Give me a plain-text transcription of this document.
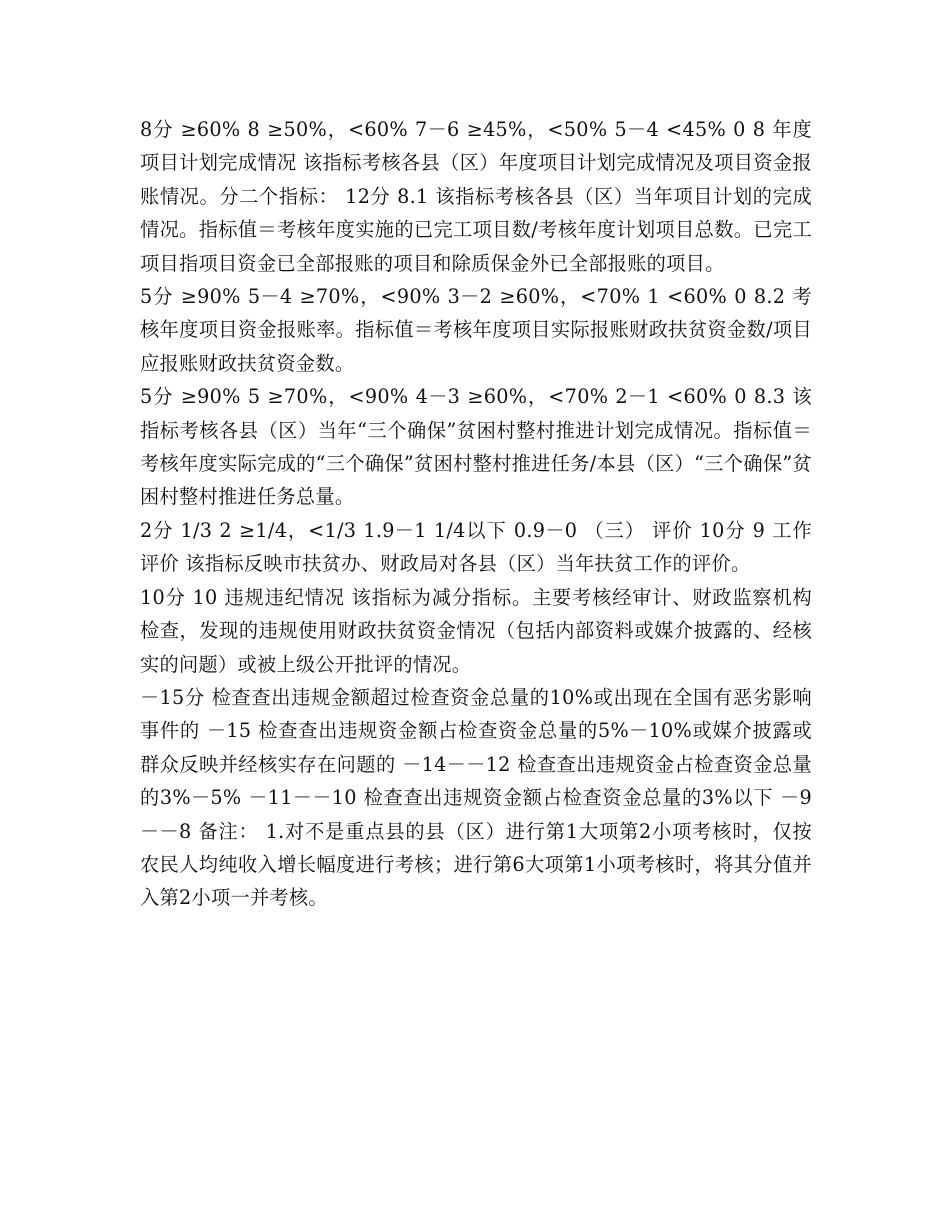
8分 ≥60% 8 ≥50%，<60% 7－6 ≥45%，<50% 5－4 <45% 0 8 年度项目计划完成情况 该指标考核各县（区）年度项目计划完成情况及项目资金报账情况。分二个指标： 12分 8.1 该指标考核各县（区）当年项目计划的完成情况。指标值＝考核年度实施的已完工项目数/考核年度计划项目总数。已完工项目指项目资金已全部报账的项目和除质保金外已全部报账的项目。

5分 ≥90% 5－4 ≥70%，<90% 3－2 ≥60%，<70% 1 <60% 0 8.2 考核年度项目资金报账率。指标值＝考核年度项目实际报账财政扶贫资金数/项目应报账财政扶贫资金数。

5分 ≥90% 5 ≥70%，<90% 4－3 ≥60%，<70% 2－1 <60% 0 8.3 该指标考核各县（区）当年“三个确保”贫困村整村推进计划完成情况。指标值＝考核年度实际完成的“三个确保”贫困村整村推进任务/本县（区）“三个确保”贫困村整村推进任务总量。

2分 1/3 2 ≥1/4，<1/3 1.9－1 1/4以下 0.9－0 （三） 评价 10分 9 工作评价 该指标反映市扶贫办、财政局对各县（区）当年扶贫工作的评价。

10分 10 违规违纪情况 该指标为减分指标。主要考核经审计、财政监察机构检查，发现的违规使用财政扶贫资金情况（包括内部资料或媒介披露的、经核实的问题）或被上级公开批评的情况。

－15分 检查查出违规金额超过检查资金总量的10%或出现在全国有恶劣影响事件的 －15 检查查出违规资金额占检查资金总量的5%－10%或媒介披露或群众反映并经核实存在问题的 －14－－12 检查查出违规资金占检查资金总量的3%－5% －11－－10 检查查出违规资金额占检查资金总量的3%以下 －9－－8 备注： 1.对不是重点县的县（区）进行第1大项第2小项考核时，仅按农民人均纯收入增长幅度进行考核；进行第6大项第1小项考核时，将其分值并入第2小项一并考核。
